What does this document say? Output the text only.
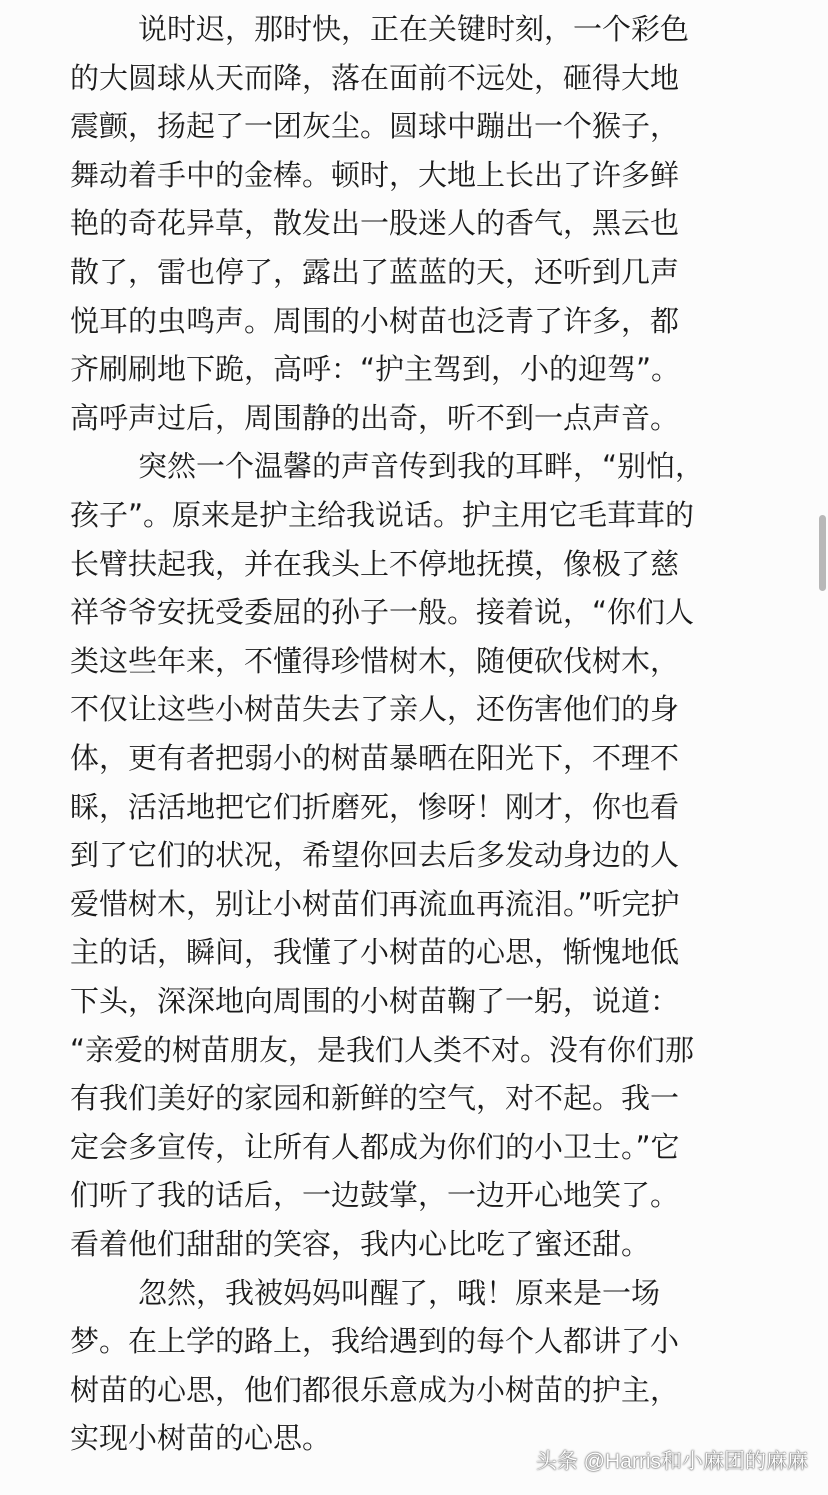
说时迟，那时快，正在关键时刻，一个彩色
的大圆球从天而降，落在面前不远处，砸得大地
震颤，扬起了一团灰尘。圆球中蹦出一个猴子，
舞动着手中的金棒。顿时，大地上长出了许多鲜
艳的奇花异草，散发出一股迷人的香气，黑云也
散了，雷也停了，露出了蓝蓝的天，还听到几声
悦耳的虫鸣声。周围的小树苗也泛青了许多，都
齐刷刷地下跪，高呼：“护主驾到，小的迎驾”。
高呼声过后，周围静的出奇，听不到一点声音。
突然一个温馨的声音传到我的耳畔，“别怕，
孩子”。原来是护主给我说话。护主用它毛茸茸的
长臂扶起我，并在我头上不停地抚摸，像极了慈
祥爷爷安抚受委屈的孙子一般。接着说，“你们人
类这些年来，不懂得珍惜树木，随便砍伐树木，
不仅让这些小树苗失去了亲人，还伤害他们的身
体，更有者把弱小的树苗暴晒在阳光下，不理不
睬，活活地把它们折磨死，惨呀！刚才，你也看
到了它们的状况，希望你回去后多发动身边的人
爱惜树木，别让小树苗们再流血再流泪。”听完护
主的话，瞬间，我懂了小树苗的心思，惭愧地低
下头，深深地向周围的小树苗鞠了一躬，说道：
“亲爱的树苗朋友，是我们人类不对。没有你们那
有我们美好的家园和新鲜的空气，对不起。我一
定会多宣传，让所有人都成为你们的小卫士。”它
们听了我的话后，一边鼓掌，一边开心地笑了。
看着他们甜甜的笑容，我内心比吃了蜜还甜。
忽然，我被妈妈叫醒了，哦！原来是一场
梦。在上学的路上，我给遇到的每个人都讲了小
树苗的心思，他们都很乐意成为小树苗的护主，
实现小树苗的心思。
头条 @Harris和小麻团的麻麻
